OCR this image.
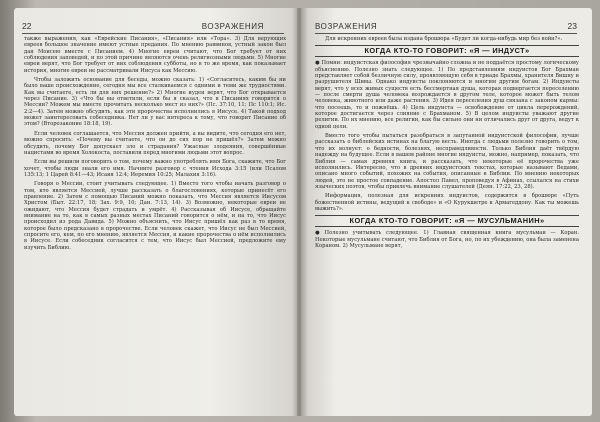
22	ВОЗРАЖЕНИЯ

также выражения, как «Еврейские Писания», «Писания» или «Тора». 3) Для верующих евреев большое значение имеют устные предания. По мнению раввинов, устный закон был дан Моисею вместе с Писанием. 4) Многие евреи считают, что Бог требует от них соблюдения заповедей, и по этой причине являются очень религиозными людьми. 5) Многие евреи верят, что Бог требует от них соблюдения субботы, но в то же время, как показывает история, многие евреи не рассматривали Иисуса как Мессию.

Чтобы заложить основание для беседы, можно сказать: 1) «Согласитесь, каким бы ни было ваше происхождение, сегодня мы все сталкиваемся с одними и теми же трудностями. Как вы считаете, есть ли для них решение?» 2) Многие иудеи верят, что Бог открывается через Писание. 3) «Что бы вы ответили, если бы я сказал, что в Писаниях говорится о Мессии? Можем мы вместе прочитать несколько мест из них?» (Пс. 37:10, 11; Пс 110:1; Ис. 2:2—4). Затем можно обсудить, как эти пророчества исполнились в Иисусе. 4) Такой подход может заинтересовать собеседника. Нет ли у вас интереса к тому, что говорит Писание об этом? (Второзаконие 18:18, 19).

Если человек соглашается, что Мессия должен прийти, а вы видите, что сегодня его нет, можно спросить: «Почему вы считаете, что он до сих пор не пришёл?» Затем можно обсудить, почему Бог допускает зло и страдания? Ужасные злодеяния, совершённые нацистами во время Холокоста, поставили перед многими людьми этот вопрос.

Если вы решили поговорить о том, почему важно употреблять имя Бога, скажите, что Бог хочет, чтобы люди знали его имя. Начните разговор с чтения Исхода 3:15 (или Псалом 135:13; 1 Царей 8:41—43; Исаия 12:4; Иеремия 10:25; Малахия 3:16).

Говоря о Мессии, стоит учитывать следующее. 1) Вместо того чтобы начать разговор о том, кто является Мессией, лучше рассказать о благословениях, которые принесёт его правление. 2) Затем с помощью Писаний можно показать, что Мессия является Иисусом Христом (Быт. 22:17, 18; Зах. 9:9, 10; Дан. 7:13, 14). 3) Возможно, некоторые евреи не ожидают, что Мессия будет страдать и умрёт. 4) Рассказывая об Иисусе, обращайте внимание на то, как в самых разных местах Писаний говорится о нём, и на то, что Иисус происходил из рода Давида. 5) Можно объяснить, что Иисус пришёл как раз в то время, которое было предсказано в пророчестве. Если человек скажет, что Иисус не был Мессией, спросите его, кем, по его мнению, является Мессия, и какие пророчества о нём исполнились в Иисусе. Если собеседник согласится с тем, что Иисус был Мессией, предложите ему изучить Библию.

ВОЗРАЖЕНИЯ	23

Для искренних евреев была издана брошюра «Будет ли когда-нибудь мир без войн?».

КОГДА КТО-ТО ГОВОРИТ: «Я — ИНДУСТ»

● Помни: индуистская философия чрезвычайно сложна и не поддаётся простому логическому объяснению. Полезно знать следующее. 1) По представлениям индуистов Бог Брахман представляет собой безличную силу, проявляющую себя в триаде Брахмы, хранителя Вишну и разрушителя Шивы. Однако индуисты поклоняются и многим другим богам. 2) Индуисты верят, что у всех живых существ есть бессмертная душа, которая подвергается переселению — после смерти душа человека возрождается в другом теле, которое может быть телом человека, животного или даже растения. 3) Идея переселения душ связана с законом кармы: что посеешь, то и пожнёшь. 4) Цель индуиста — освобождение от цикла перерождений, которое достигается через слияние с Брахманом. 5) В целом индуисты уважают другие религии. По их мнению, все религии, как бы сильно они ни отличались друг от друга, ведут к одной цели.

Вместо того чтобы пытаться разобраться в запутанной индуистской философии, лучше рассказать о библейских истинах на благую весть. Иногда с людьми полезно говорить о том, что их волнует: о бедности, болезнях, несправедливости. Только Библия даёт твёрдую надежду на будущее. Если в вашем районе многие индуисты, можно, например, показать, что Библия — самая древняя книга, и рассказать, что некоторые её пророчества уже исполнились. Интересно, что в древних индуистских текстах, которые называют Ведами, описано много событий, похожих на события, описанные в Библии. По мнению некоторых людей, это не простое совпадение. Апостол Павел, проповедуя в Афинах, ссылался на стихи языческих поэтов, чтобы привлечь внимание слушателей (Деян. 17:22, 23, 28).

Информация, полезная для искренних индуистов, содержится в брошюре «Путь божественной истины, ведущий к свободе» и «О Курукшетре к Армагеддону. Как ты можешь выжить?».

КОГДА КТО-ТО ГОВОРИТ: «Я — МУСУЛЬМАНИН»

● Полезно учитывать следующее. 1) Главная священная книга мусульман — Коран. Некоторые мусульмане считают, что Библия от Бога, но, по их убеждению, она была заменена Кораном. 2) Мусульмане верят,
